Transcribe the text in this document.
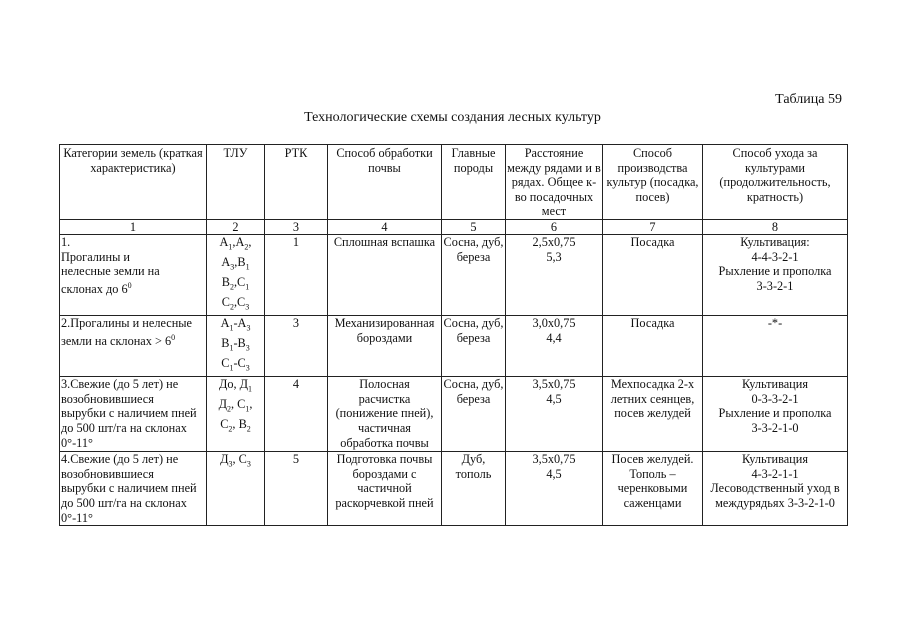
Таблица 59
Технологические схемы создания лесных культур
Категории земель (краткая характеристика)	ТЛУ	РТК	Способ обработки почвы	Главные породы	Расстояние между рядами и в рядах. Общее к-во посадочных мест	Способ производства культур (посадка, посев)	Способ ухода за культурами (продолжительность, кратность)
1	2	3	4	5	6	7	8
1.
Прогалины и
нелесные земли на
склонах до $6^0$	$А_1,А_2$,
$А_3,В_1$
$В_2,С_1$
$С_2,С_3$	1	Сплошная вспашка	Сосна, дуб,
береза	2,5x0,75
5,3	Посадка	Культивация:
4-4-3-2-1
Рыхление и прополка
3-3-2-1
2.Прогалины и нелесные
земли на склонах > $6^0$	$А_1-А_3$
$В_1-В_3$
$С_1-С_3$	3	Механизированная
бороздами	Сосна, дуб,
береза	3,0x0,75
4,4	Посадка	-*-
3.Свежие (до 5 лет) не
возобновившиеся
вырубки с наличием пней
до 500 шт/га на склонах
0°-11°	До, $Д_1$
$Д_2$, $С_1$,
$С_2$, $В_2$	4	Полосная
расчистка
(понижение пней),
частичная
обработка почвы	Сосна, дуб,
береза	3,5x0,75
4,5	Мехпосадка 2-х
летних сеянцев,
посев желудей	Культивация
0-3-3-2-1
Рыхление и прополка
3-3-2-1-0
4.Свежие (до 5 лет) не
возобновившиеся
вырубки с наличием пней
до 500 шт/га на склонах
0°-11°	$Д_3$, $С_3$	5	Подготовка почвы
бороздами с
частичной
раскорчевкой пней	Дуб,
тополь	3,5x0,75
4,5	Посев желудей.
Тополь –
черенковыми
саженцами	Культивация
4-3-2-1-1
Лесоводственный уход в
междурядьях 3-3-2-1-0
